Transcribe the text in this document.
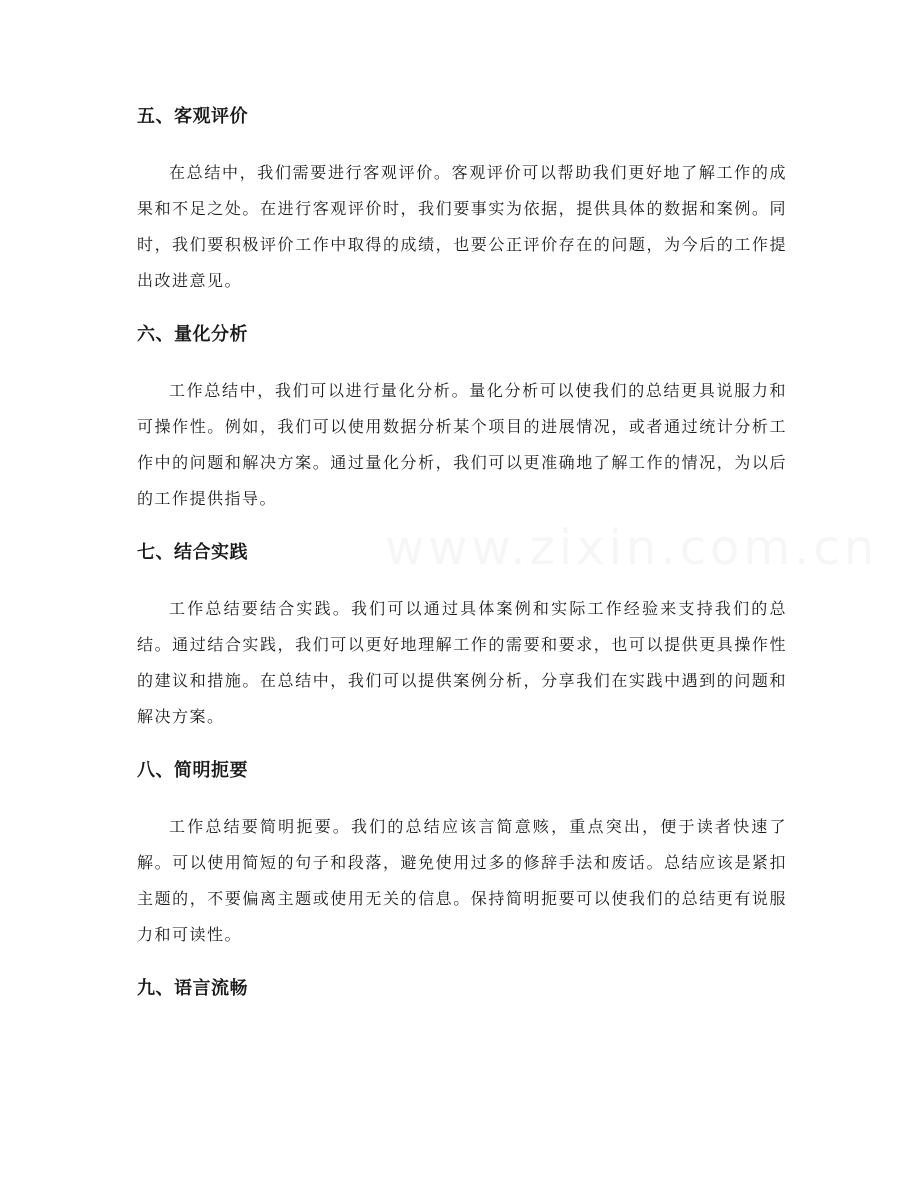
五、客观评价

在总结中，我们需要进行客观评价。客观评价可以帮助我们更好地了解工作的成果和不足之处。在进行客观评价时，我们要事实为依据，提供具体的数据和案例。同时，我们要积极评价工作中取得的成绩，也要公正评价存在的问题，为今后的工作提出改进意见。

六、量化分析

工作总结中，我们可以进行量化分析。量化分析可以使我们的总结更具说服力和可操作性。例如，我们可以使用数据分析某个项目的进展情况，或者通过统计分析工作中的问题和解决方案。通过量化分析，我们可以更准确地了解工作的情况，为以后的工作提供指导。

七、结合实践

工作总结要结合实践。我们可以通过具体案例和实际工作经验来支持我们的总结。通过结合实践，我们可以更好地理解工作的需要和要求，也可以提供更具操作性的建议和措施。在总结中，我们可以提供案例分析，分享我们在实践中遇到的问题和解决方案。

八、简明扼要

工作总结要简明扼要。我们的总结应该言简意赅，重点突出，便于读者快速了解。可以使用简短的句子和段落，避免使用过多的修辞手法和废话。总结应该是紧扣主题的，不要偏离主题或使用无关的信息。保持简明扼要可以使我们的总结更有说服力和可读性。

九、语言流畅
